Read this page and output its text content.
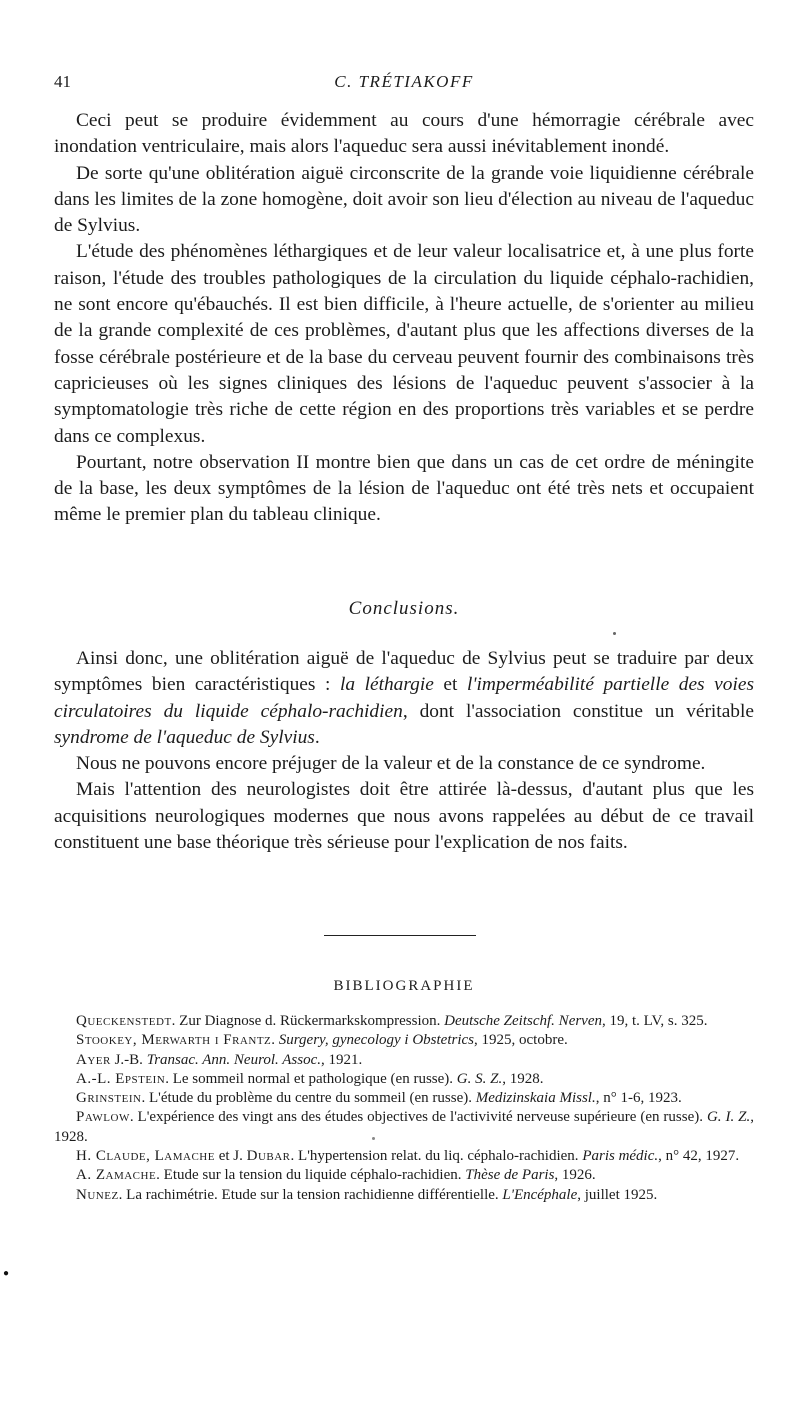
41	C. TRÉTIAKOFF

Ceci peut se produire évidemment au cours d'une hémorragie cérébrale avec inondation ventriculaire, mais alors l'aqueduc sera aussi inévitablement inondé.

De sorte qu'une oblitération aiguë circonscrite de la grande voie liquidienne cérébrale dans les limites de la zone homogène, doit avoir son lieu d'élection au niveau de l'aqueduc de Sylvius.

L'étude des phénomènes léthargiques et de leur valeur localisatrice et, à une plus forte raison, l'étude des troubles pathologiques de la circulation du liquide céphalo-rachidien, ne sont encore qu'ébauchés. Il est bien difficile, à l'heure actuelle, de s'orienter au milieu de la grande complexité de ces problèmes, d'autant plus que les affections diverses de la fosse cérébrale postérieure et de la base du cerveau peuvent fournir des combinaisons très capricieuses où les signes cliniques des lésions de l'aqueduc peuvent s'associer à la symptomatologie très riche de cette région en des proportions très variables et se perdre dans ce complexus.

Pourtant, notre observation II montre bien que dans un cas de cet ordre de méningite de la base, les deux symptômes de la lésion de l'aqueduc ont été très nets et occupaient même le premier plan du tableau clinique.

Conclusions.

Ainsi donc, une oblitération aiguë de l'aqueduc de Sylvius peut se traduire par deux symptômes bien caractéristiques : la léthargie et l'imperméabilité partielle des voies circulatoires du liquide céphalo-rachidien, dont l'association constitue un véritable syndrome de l'aqueduc de Sylvius.

Nous ne pouvons encore préjuger de la valeur et de la constance de ce syndrome.

Mais l'attention des neurologistes doit être attirée là-dessus, d'autant plus que les acquisitions neurologiques modernes que nous avons rappelées au début de ce travail constituent une base théorique très sérieuse pour l'explication de nos faits.

BIBLIOGRAPHIE

Queckenstedt. Zur Diagnose d. Rückermarkskompression. Deutsche Zeitschf. Nerven, 19, t. LV, s. 325.

Stookey, Merwarth i Frantz. Surgery, gynecology i Obstetrics, 1925, octobre.

Ayer J.-B. Transac. Ann. Neurol. Assoc., 1921.

A.-L. Epstein. Le sommeil normal et pathologique (en russe). G. S. Z., 1928.

Grinstein. L'étude du problème du centre du sommeil (en russe). Medizinskaia Missl., n° 1-6, 1923.

Pawlow. L'expérience des vingt ans des études objectives de l'activivité nerveuse supérieure (en russe). G. I. Z., 1928.

H. Claude, Lamache et J. Dubar. L'hypertension relat. du liq. céphalo-rachidien. Paris médic., n° 42, 1927.

A. Zamache. Etude sur la tension du liquide céphalo-rachidien. Thèse de Paris, 1926.

Nunez. La rachimétrie. Etude sur la tension rachidienne différentielle. L'Encéphale, juillet 1925.

●
